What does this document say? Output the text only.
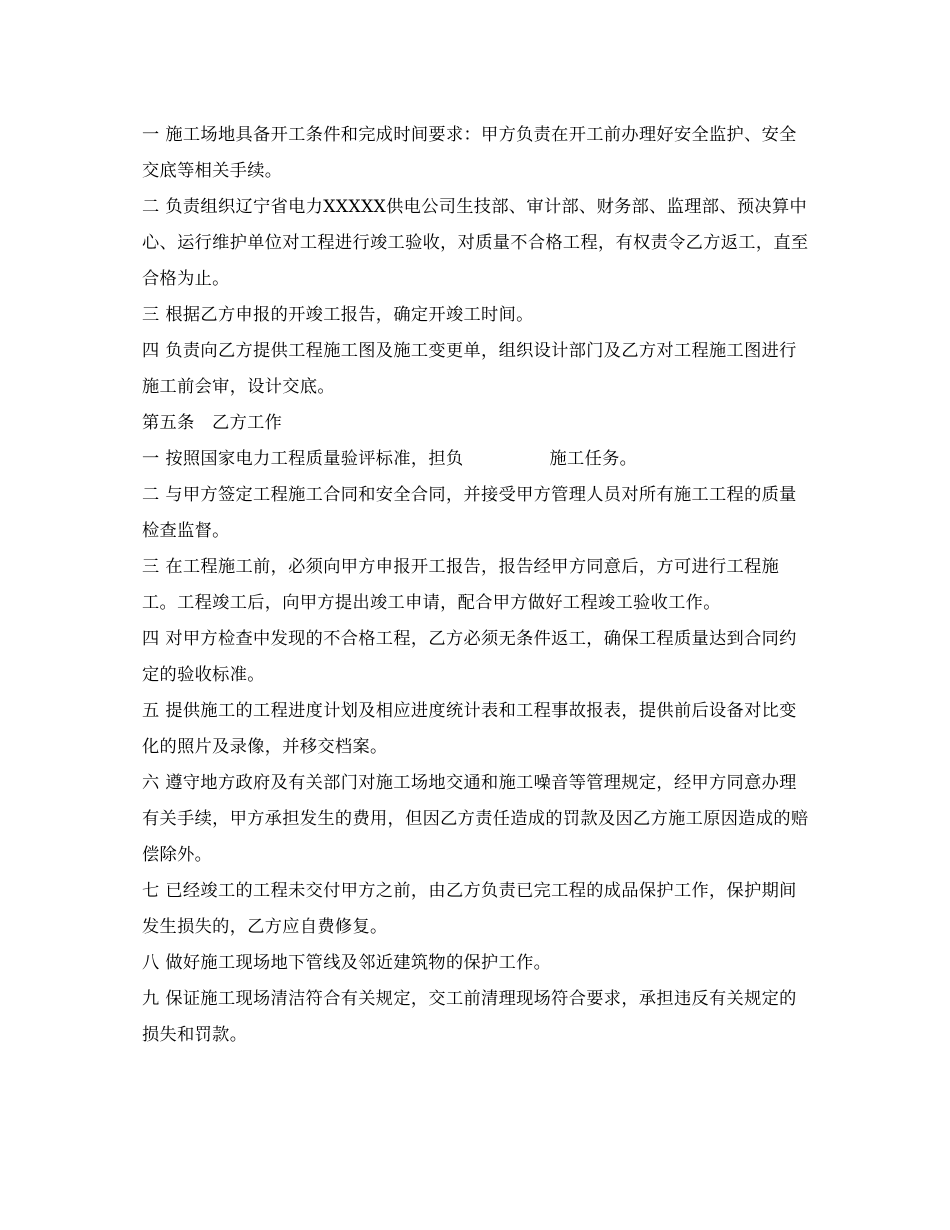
一 施工场地具备开工条件和完成时间要求：甲方负责在开工前办理好安全监护、安全交底等相关手续。

二 负责组织辽宁省电力XXXXX供电公司生技部、审计部、财务部、监理部、预决算中心、运行维护单位对工程进行竣工验收，对质量不合格工程，有权责令乙方返工，直至合格为止。

三 根据乙方申报的开竣工报告，确定开竣工时间。

四 负责向乙方提供工程施工图及施工变更单，组织设计部门及乙方对工程施工图进行施工前会审，设计交底。

第五条   乙方工作

一 按照国家电力工程质量验评标准，担负	施工任务。

二 与甲方签定工程施工合同和安全合同，并接受甲方管理人员对所有施工工程的质量检查监督。

三 在工程施工前，必须向甲方申报开工报告，报告经甲方同意后，方可进行工程施工。工程竣工后，向甲方提出竣工申请，配合甲方做好工程竣工验收工作。

四 对甲方检查中发现的不合格工程，乙方必须无条件返工，确保工程质量达到合同约定的验收标准。

五 提供施工的工程进度计划及相应进度统计表和工程事故报表，提供前后设备对比变化的照片及录像，并移交档案。

六 遵守地方政府及有关部门对施工场地交通和施工噪音等管理规定，经甲方同意办理有关手续，甲方承担发生的费用，但因乙方责任造成的罚款及因乙方施工原因造成的赔偿除外。

七 已经竣工的工程未交付甲方之前，由乙方负责已完工程的成品保护工作，保护期间发生损失的，乙方应自费修复。

八 做好施工现场地下管线及邻近建筑物的保护工作。

九 保证施工现场清洁符合有关规定，交工前清理现场符合要求，承担违反有关规定的损失和罚款。
